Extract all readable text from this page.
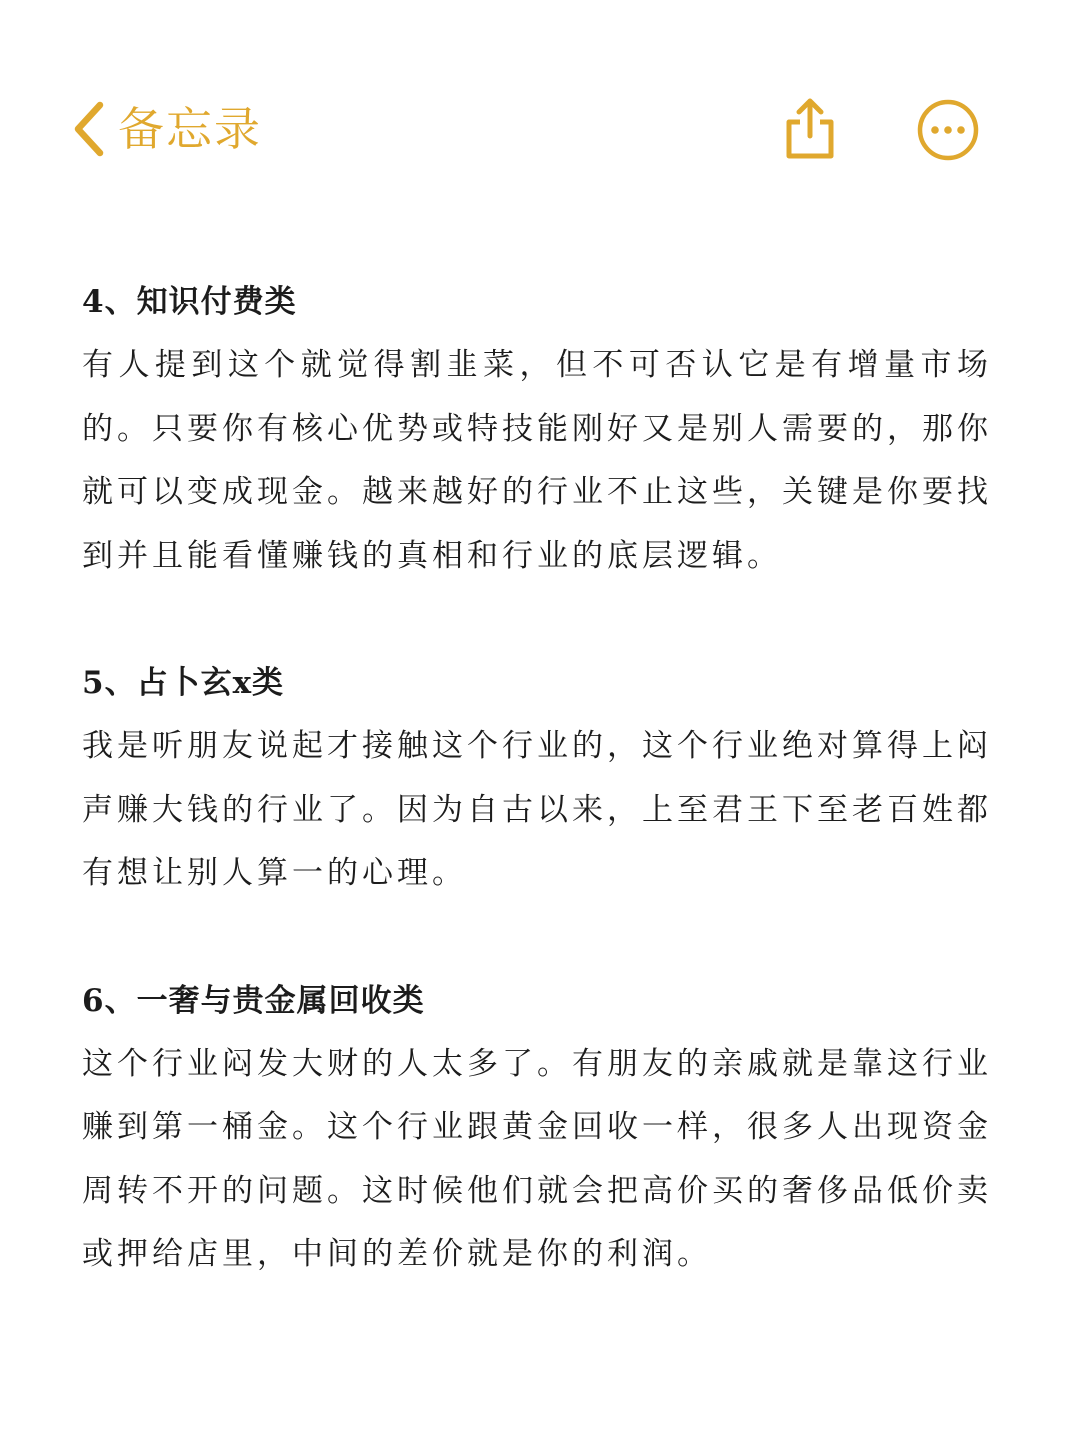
备忘录
4、知识付费类
有人提到这个就觉得割韭菜，但不可否认它是有增量市场的。只要你有核心优势或特技能刚好又是别人需要的，那你就可以变成现金。越来越好的行业不止这些，关键是你要找到并且能看懂赚钱的真相和行业的底层逻辑。
5、占卜玄x类
我是听朋友说起才接触这个行业的，这个行业绝对算得上闷声赚大钱的行业了。因为自古以来，上至君王下至老百姓都有想让别人算一的心理。
6、一奢与贵金属回收类
这个行业闷发大财的人太多了。有朋友的亲戚就是靠这行业赚到第一桶金。这个行业跟黄金回收一样，很多人出现资金周转不开的问题。这时候他们就会把高价买的奢侈品低价卖或押给店里，中间的差价就是你的利润。
